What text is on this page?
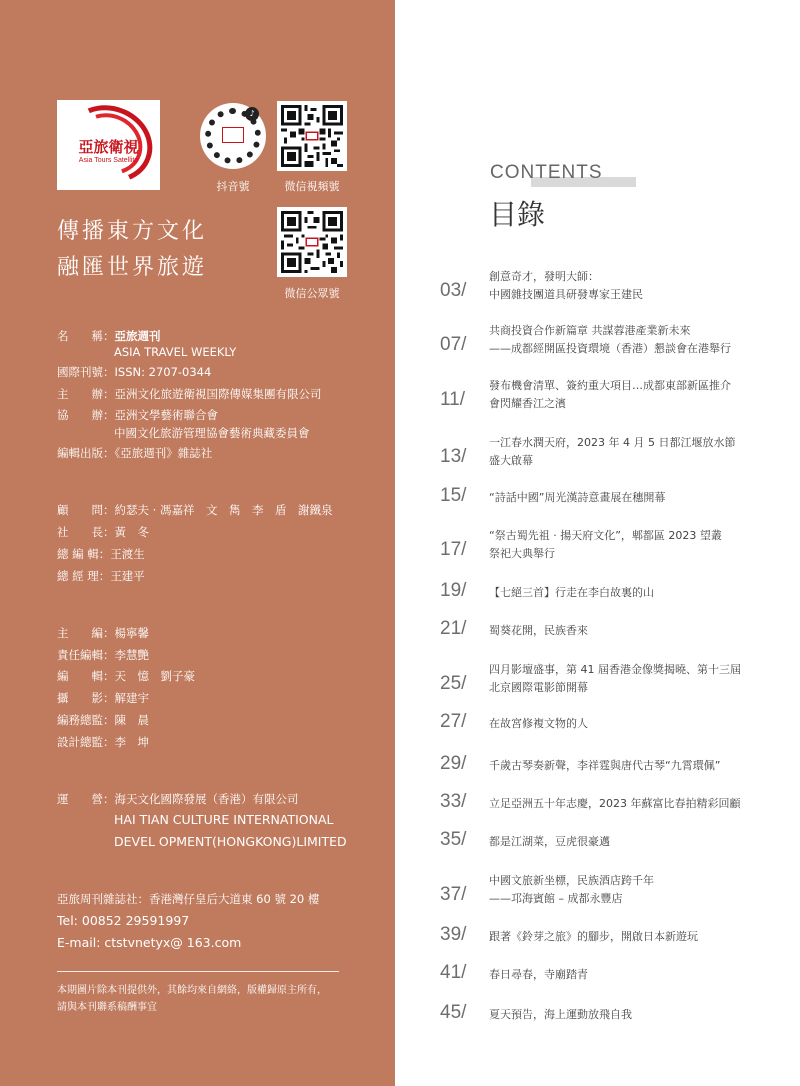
亞旅衛視
Asia Tours Satellite
♪
抖音號	微信視頻號
微信公眾號
傳播東方文化
融匯世界旅遊
名　　稱：亞旅週刊
ASIA TRAVEL WEEKLY
國際刊號：ISSN: 2707-0344
主　　辦：亞洲文化旅遊衛視国際傳媒集團有限公司
協　　辦：亞洲文學藝術聯合會
中國文化旅游管理協會藝術典藏委員會
編輯出版：《亞旅週刊》雜誌社
顧　　問：約瑟夫 · 馮嘉祥　文　雋　李　盾　謝鐵泉
社　　長：黃　冬
總 編 輯：王渡生
總 經 理：王建平
主　　編：楊寧馨
責任編輯：李慧艷
編　　輯：天　憶　劉子豪
攝　　影：解建宇
編務總監：陳　晨
設計總監：李　坤
運　　營：海天文化國際發展（香港）有限公司
HAI TIAN CULTURE INTERNATIONAL
DEVEL OPMENT(HONGKONG)LIMITED
亞旅周刊雜誌社：香港灣仔皇后大道東 60 號 20 樓
Tel: 00852 29591997
E-mail: ctstvnetyx@ 163.com
本期圖片除本刊提供外，其餘均來自網絡，版權歸原主所有，
請與本刊聯系稿酬事宜
CONTENTS
目錄
03/
創意奇才，發明大師：
中國雜技團道具研發專家王建民
07/
共商投資合作新篇章 共謀蓉港產業新未來
——成都經開區投資環境（香港）懇談會在港舉行
11/
發布機會清單、簽約重大項目…成都東部新區推介
會閃耀香江之濱
13/
一江春水潤天府，2023 年 4 月 5 日都江堰放水節
盛大啟幕
15/	“詩話中國”周光漢詩意畫展在穗開幕
17/
“祭古蜀先祖 · 揚天府文化”，郫都區 2023 望叢
祭祀大典舉行
19/	【七絕三首】行走在李白故裏的山
21/	蜀葵花開，民族香來
25/
四月影壇盛事，第 41 屆香港金像獎揭曉、第十三屆
北京國際電影節開幕
27/	在故宮修複文物的人
29/	千歲古琴奏新聲，李祥霆與唐代古琴“九霄環佩”
33/	立足亞洲五十年志慶，2023 年蘇富比春拍精彩回顧
35/	都是江湖菜，豆虎很豪邁
37/
中國文旅新坐標，民族酒店跨千年
——邛海賓館 – 成都永豐店
39/	跟著《鈴芽之旅》的腳步，開啟日本新遊玩
41/	春日尋春，寺廟踏青
45/	夏天預告，海上運動放飛自我
